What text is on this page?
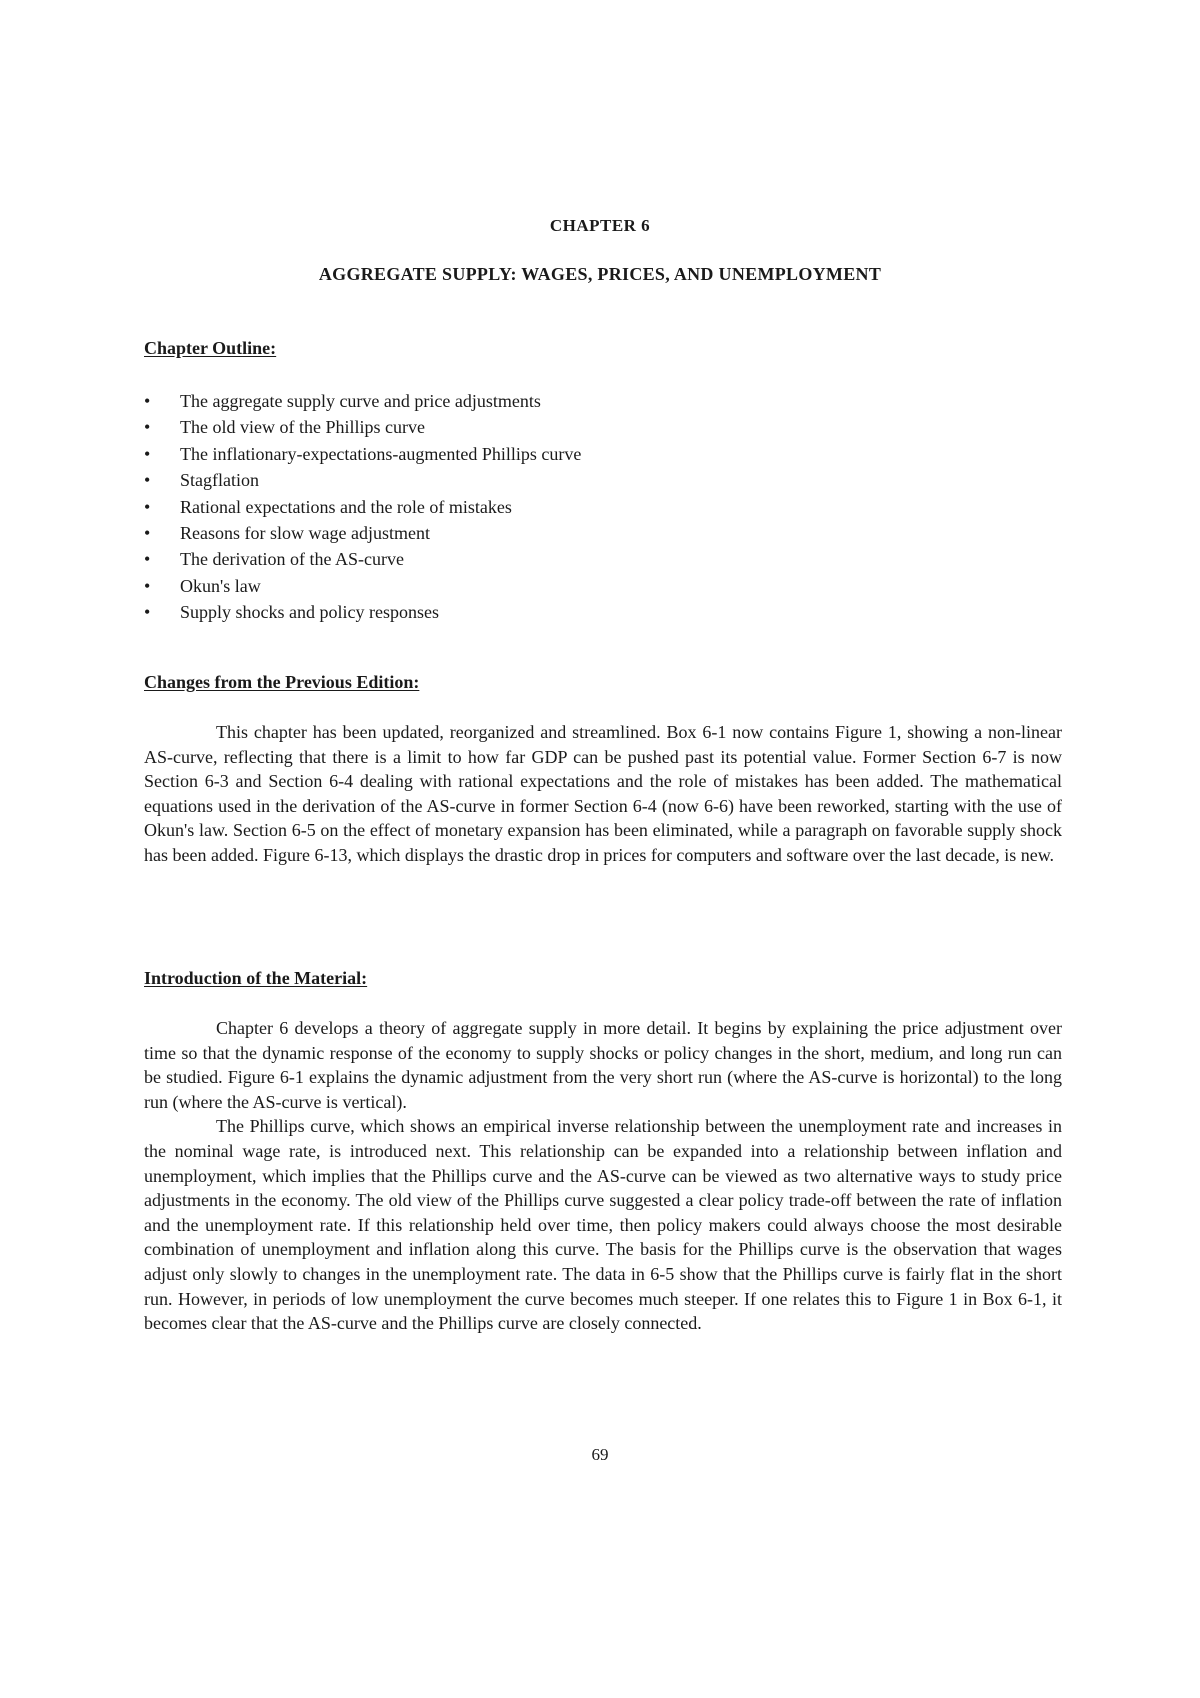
CHAPTER 6
AGGREGATE SUPPLY: WAGES, PRICES, AND UNEMPLOYMENT
Chapter Outline:
• The aggregate supply curve and price adjustments
• The old view of the Phillips curve
• The inflationary-expectations-augmented Phillips curve
• Stagflation
• Rational expectations and the role of mistakes
• Reasons for slow wage adjustment
• The derivation of the AS-curve
• Okun's law
• Supply shocks and policy responses
Changes from the Previous Edition:

This chapter has been updated, reorganized and streamlined. Box 6-1 now contains Figure 1, showing a non-linear AS-curve, reflecting that there is a limit to how far GDP can be pushed past its potential value. Former Section 6-7 is now Section 6-3 and Section 6-4 dealing with rational expectations and the role of mistakes has been added. The mathematical equations used in the derivation of the AS-curve in former Section 6-4 (now 6-6) have been reworked, starting with the use of Okun's law. Section 6-5 on the effect of monetary expansion has been eliminated, while a paragraph on favorable supply shock has been added. Figure 6-13, which displays the drastic drop in prices for computers and software over the last decade, is new.

Introduction of the Material:

Chapter 6 develops a theory of aggregate supply in more detail. It begins by explaining the price adjustment over time so that the dynamic response of the economy to supply shocks or policy changes in the short, medium, and long run can be studied. Figure 6-1 explains the dynamic adjustment from the very short run (where the AS-curve is horizontal) to the long run (where the AS-curve is vertical).

The Phillips curve, which shows an empirical inverse relationship between the unemployment rate and increases in the nominal wage rate, is introduced next. This relationship can be expanded into a relationship between inflation and unemployment, which implies that the Phillips curve and the AS-curve can be viewed as two alternative ways to study price adjustments in the economy. The old view of the Phillips curve suggested a clear policy trade-off between the rate of inflation and the unemployment rate. If this relationship held over time, then policy makers could always choose the most desirable combination of unemployment and inflation along this curve. The basis for the Phillips curve is the observation that wages adjust only slowly to changes in the unemployment rate. The data in 6-5 show that the Phillips curve is fairly flat in the short run. However, in periods of low unemployment the curve becomes much steeper. If one relates this to Figure 1 in Box 6-1, it becomes clear that the AS-curve and the Phillips curve are closely connected.

69
